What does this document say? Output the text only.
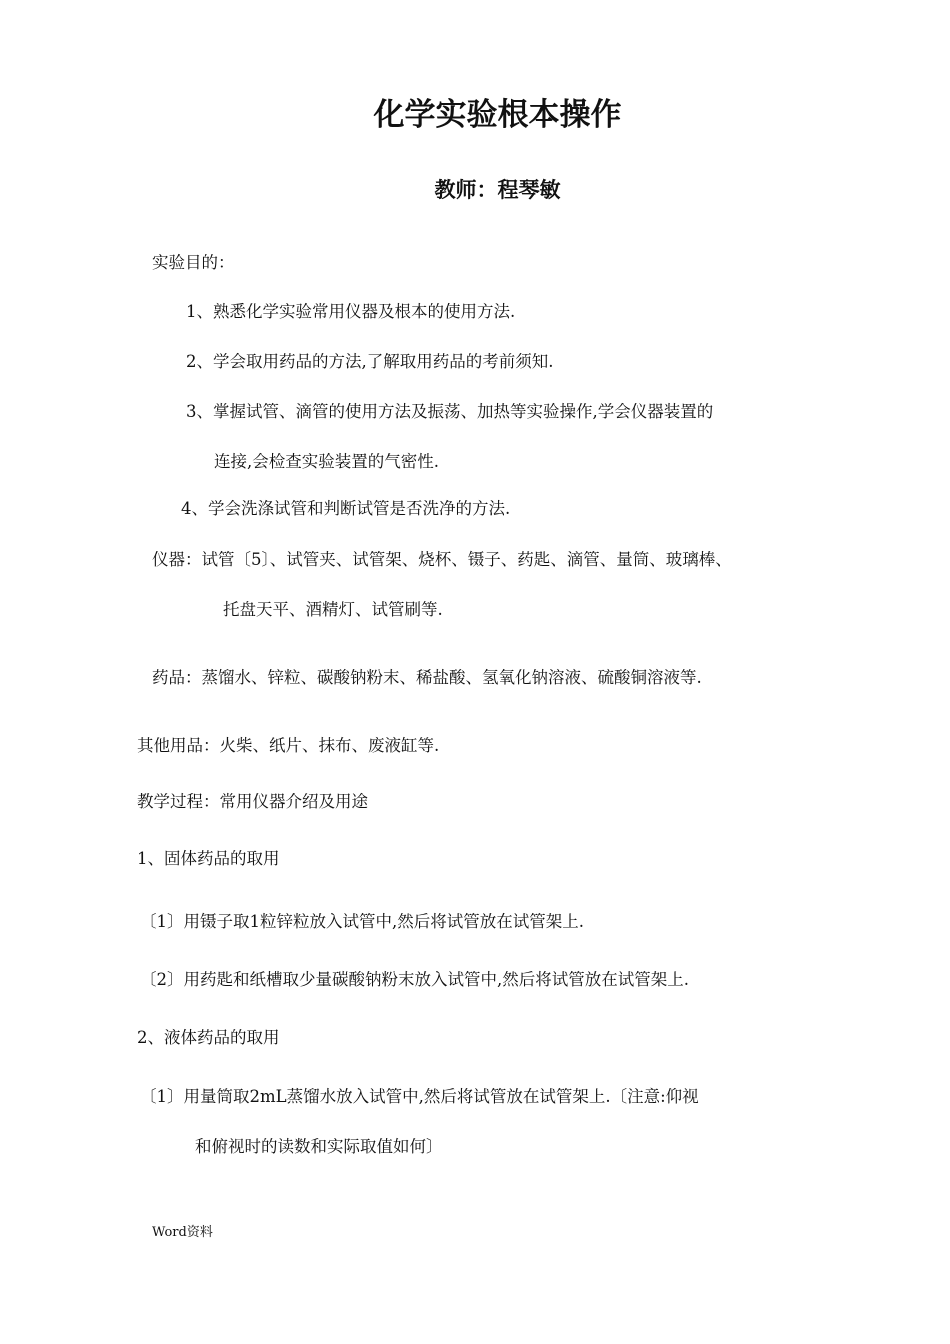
化学实验根本操作
教师：程琴敏
实验目的：
1、熟悉化学实验常用仪器及根本的使用方法.
2、学会取用药品的方法,了解取用药品的考前须知.
3、掌握试管、滴管的使用方法及振荡、加热等实验操作,学会仪器装置的
连接,会检查实验装置的气密性.
4、学会洗涤试管和判断试管是否洗净的方法.
仪器：试管〔5〕、试管夹、试管架、烧杯、镊子、药匙、滴管、量筒、玻璃棒、
托盘天平、酒精灯、试管刷等.
药品：蒸馏水、锌粒、碳酸钠粉末、稀盐酸、氢氧化钠溶液、硫酸铜溶液等.
其他用品：火柴、纸片、抹布、废液缸等.
教学过程：常用仪器介绍及用途
1、固体药品的取用
〔1〕用镊子取1粒锌粒放入试管中,然后将试管放在试管架上.
〔2〕用药匙和纸槽取少量碳酸钠粉末放入试管中,然后将试管放在试管架上.
2、液体药品的取用
〔1〕用量筒取2mL蒸馏水放入试管中,然后将试管放在试管架上.〔注意:仰视
和俯视时的读数和实际取值如何〕
Word资料
